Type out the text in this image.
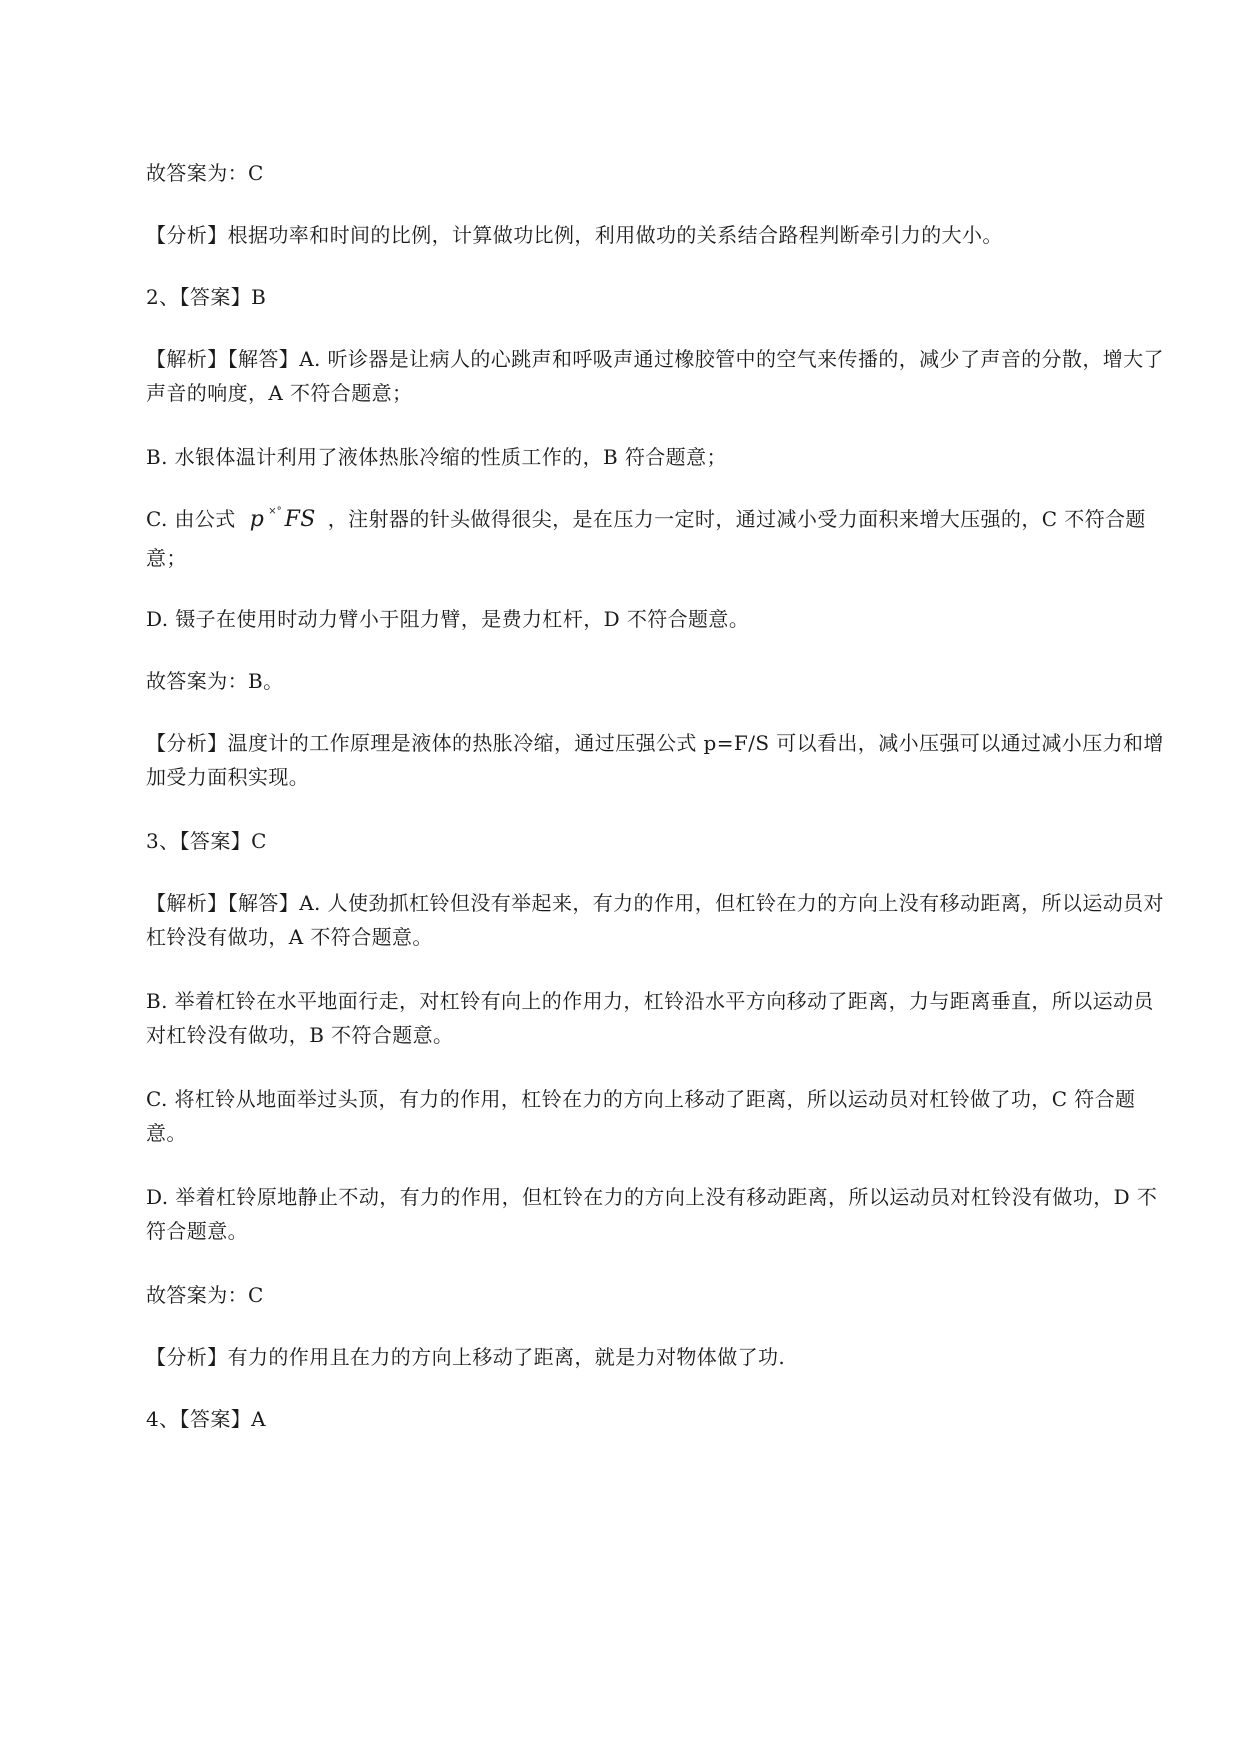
故答案为：C

【分析】根据功率和时间的比例，计算做功比例，利用做功的关系结合路程判断牵引力的大小。

2、【答案】B

【解析】【解答】A. 听诊器是让病人的心跳声和呼吸声通过橡胶管中的空气来传播的，减少了声音的分散，增大了声音的响度，A 不符合题意；

B. 水银体温计利用了液体热胀冷缩的性质工作的，B 符合题意；

C. 由公式 p ×° FS ，注射器的针头做得很尖，是在压力一定时，通过减小受力面积来增大压强的，C 不符合题意；

D. 镊子在使用时动力臂小于阻力臂，是费力杠杆，D 不符合题意。

故答案为：B。

【分析】温度计的工作原理是液体的热胀冷缩，通过压强公式 p=F/S 可以看出，减小压强可以通过减小压力和增加受力面积实现。

3、【答案】C

【解析】【解答】A. 人使劲抓杠铃但没有举起来，有力的作用，但杠铃在力的方向上没有移动距离，所以运动员对杠铃没有做功，A 不符合题意。

B. 举着杠铃在水平地面行走，对杠铃有向上的作用力，杠铃沿水平方向移动了距离，力与距离垂直，所以运动员对杠铃没有做功，B 不符合题意。

C. 将杠铃从地面举过头顶，有力的作用，杠铃在力的方向上移动了距离，所以运动员对杠铃做了功，C 符合题意。

D. 举着杠铃原地静止不动，有力的作用，但杠铃在力的方向上没有移动距离，所以运动员对杠铃没有做功，D 不符合题意。

故答案为：C

【分析】有力的作用且在力的方向上移动了距离，就是力对物体做了功.

4、【答案】A
